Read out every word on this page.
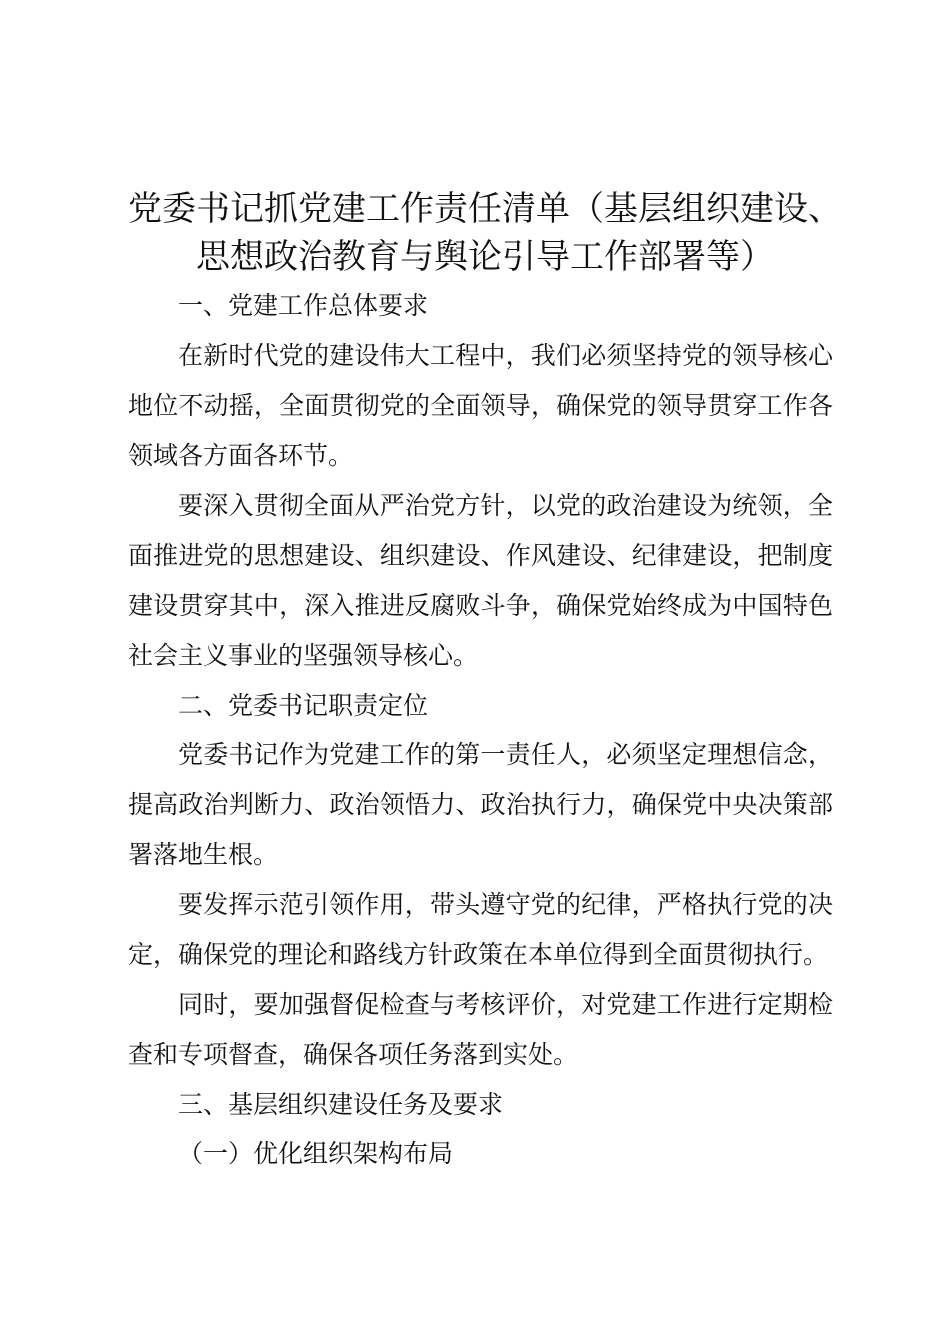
党委书记抓党建工作责任清单（基层组织建设、
思想政治教育与舆论引导工作部署等）

一、党建工作总体要求

在新时代党的建设伟大工程中，我们必须坚持党的领导核心地位不动摇，全面贯彻党的全面领导，确保党的领导贯穿工作各领域各方面各环节。

要深入贯彻全面从严治党方针，以党的政治建设为统领，全面推进党的思想建设、组织建设、作风建设、纪律建设，把制度建设贯穿其中，深入推进反腐败斗争，确保党始终成为中国特色社会主义事业的坚强领导核心。

二、党委书记职责定位

党委书记作为党建工作的第一责任人，必须坚定理想信念，提高政治判断力、政治领悟力、政治执行力，确保党中央决策部署落地生根。

要发挥示范引领作用，带头遵守党的纪律，严格执行党的决定，确保党的理论和路线方针政策在本单位得到全面贯彻执行。

同时，要加强督促检查与考核评价，对党建工作进行定期检查和专项督查，确保各项任务落到实处。

三、基层组织建设任务及要求

（一）优化组织架构布局
